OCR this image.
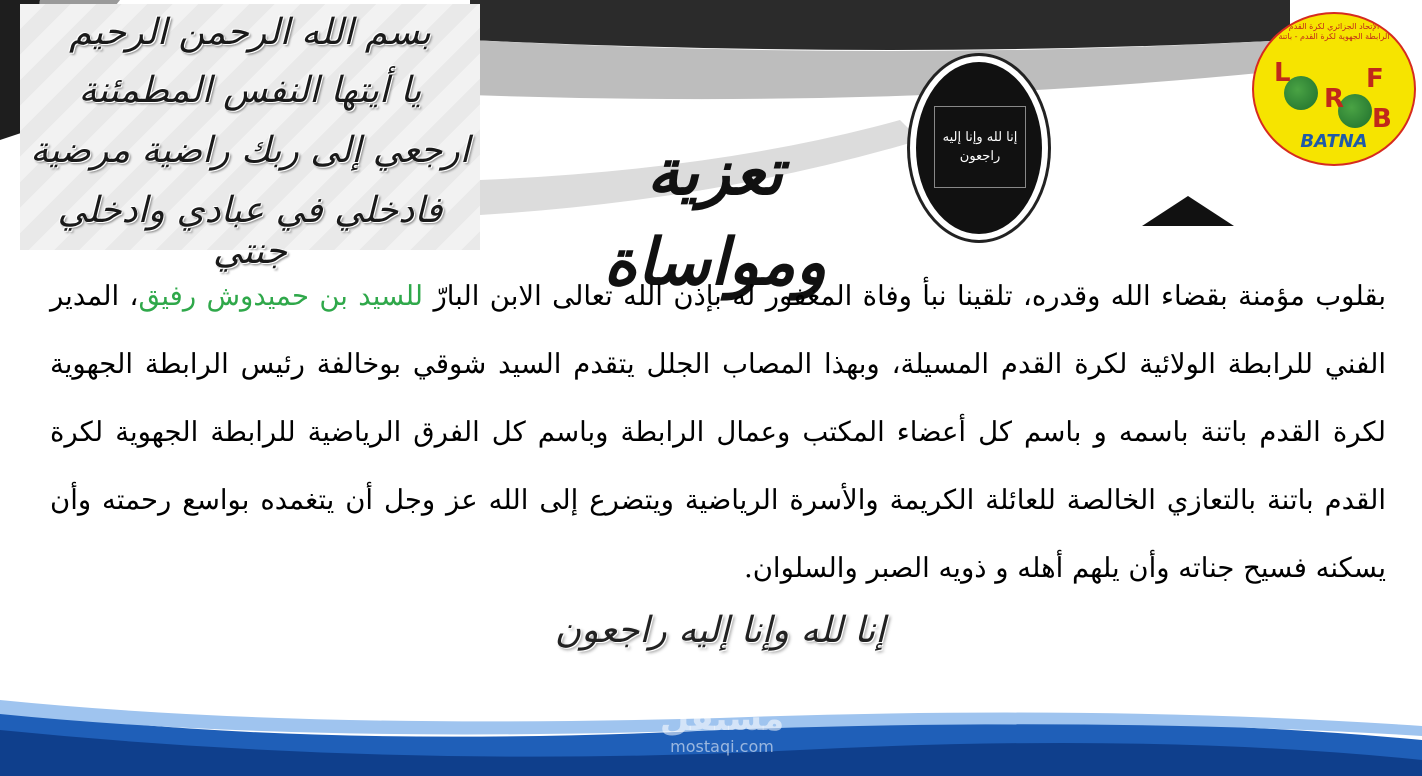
بسم الله الرحمن الرحيم
يا أيتها النفس المطمئنة
ارجعي إلى ربك راضية مرضية
فادخلي في عبادي وادخلي جنتي
تعزية ومواساة
إنا لله وإنا إليه راجعون
الإتحاد الجزائري لكرة القدم
الرابطة الجهوية لكرة القدم - باتنة
L
R
F
B
BATNA
بقلوب مؤمنة بقضاء الله وقدره، تلقينا نبأ وفاة المغفور له بإذن الله تعالى الابن البارّ للسيد بن حميدوش رفيق، المدير الفني للرابطة الولائية لكرة القدم المسيلة، وبهذا المصاب الجلل يتقدم السيد شوقي بوخالفة رئيس الرابطة الجهوية لكرة القدم باتنة باسمه و باسم كل أعضاء المكتب وعمال الرابطة وباسم كل الفرق الرياضية للرابطة الجهوية لكرة القدم باتنة بالتعازي الخالصة للعائلة الكريمة والأسرة الرياضية ويتضرع إلى الله عز وجل أن يتغمده بواسع رحمته وأن يسكنه فسيح جناته وأن يلهم أهله و ذويه الصبر والسلوان.
إنا لله وإنا إليه راجعون
مستقل
mostaqi.com
